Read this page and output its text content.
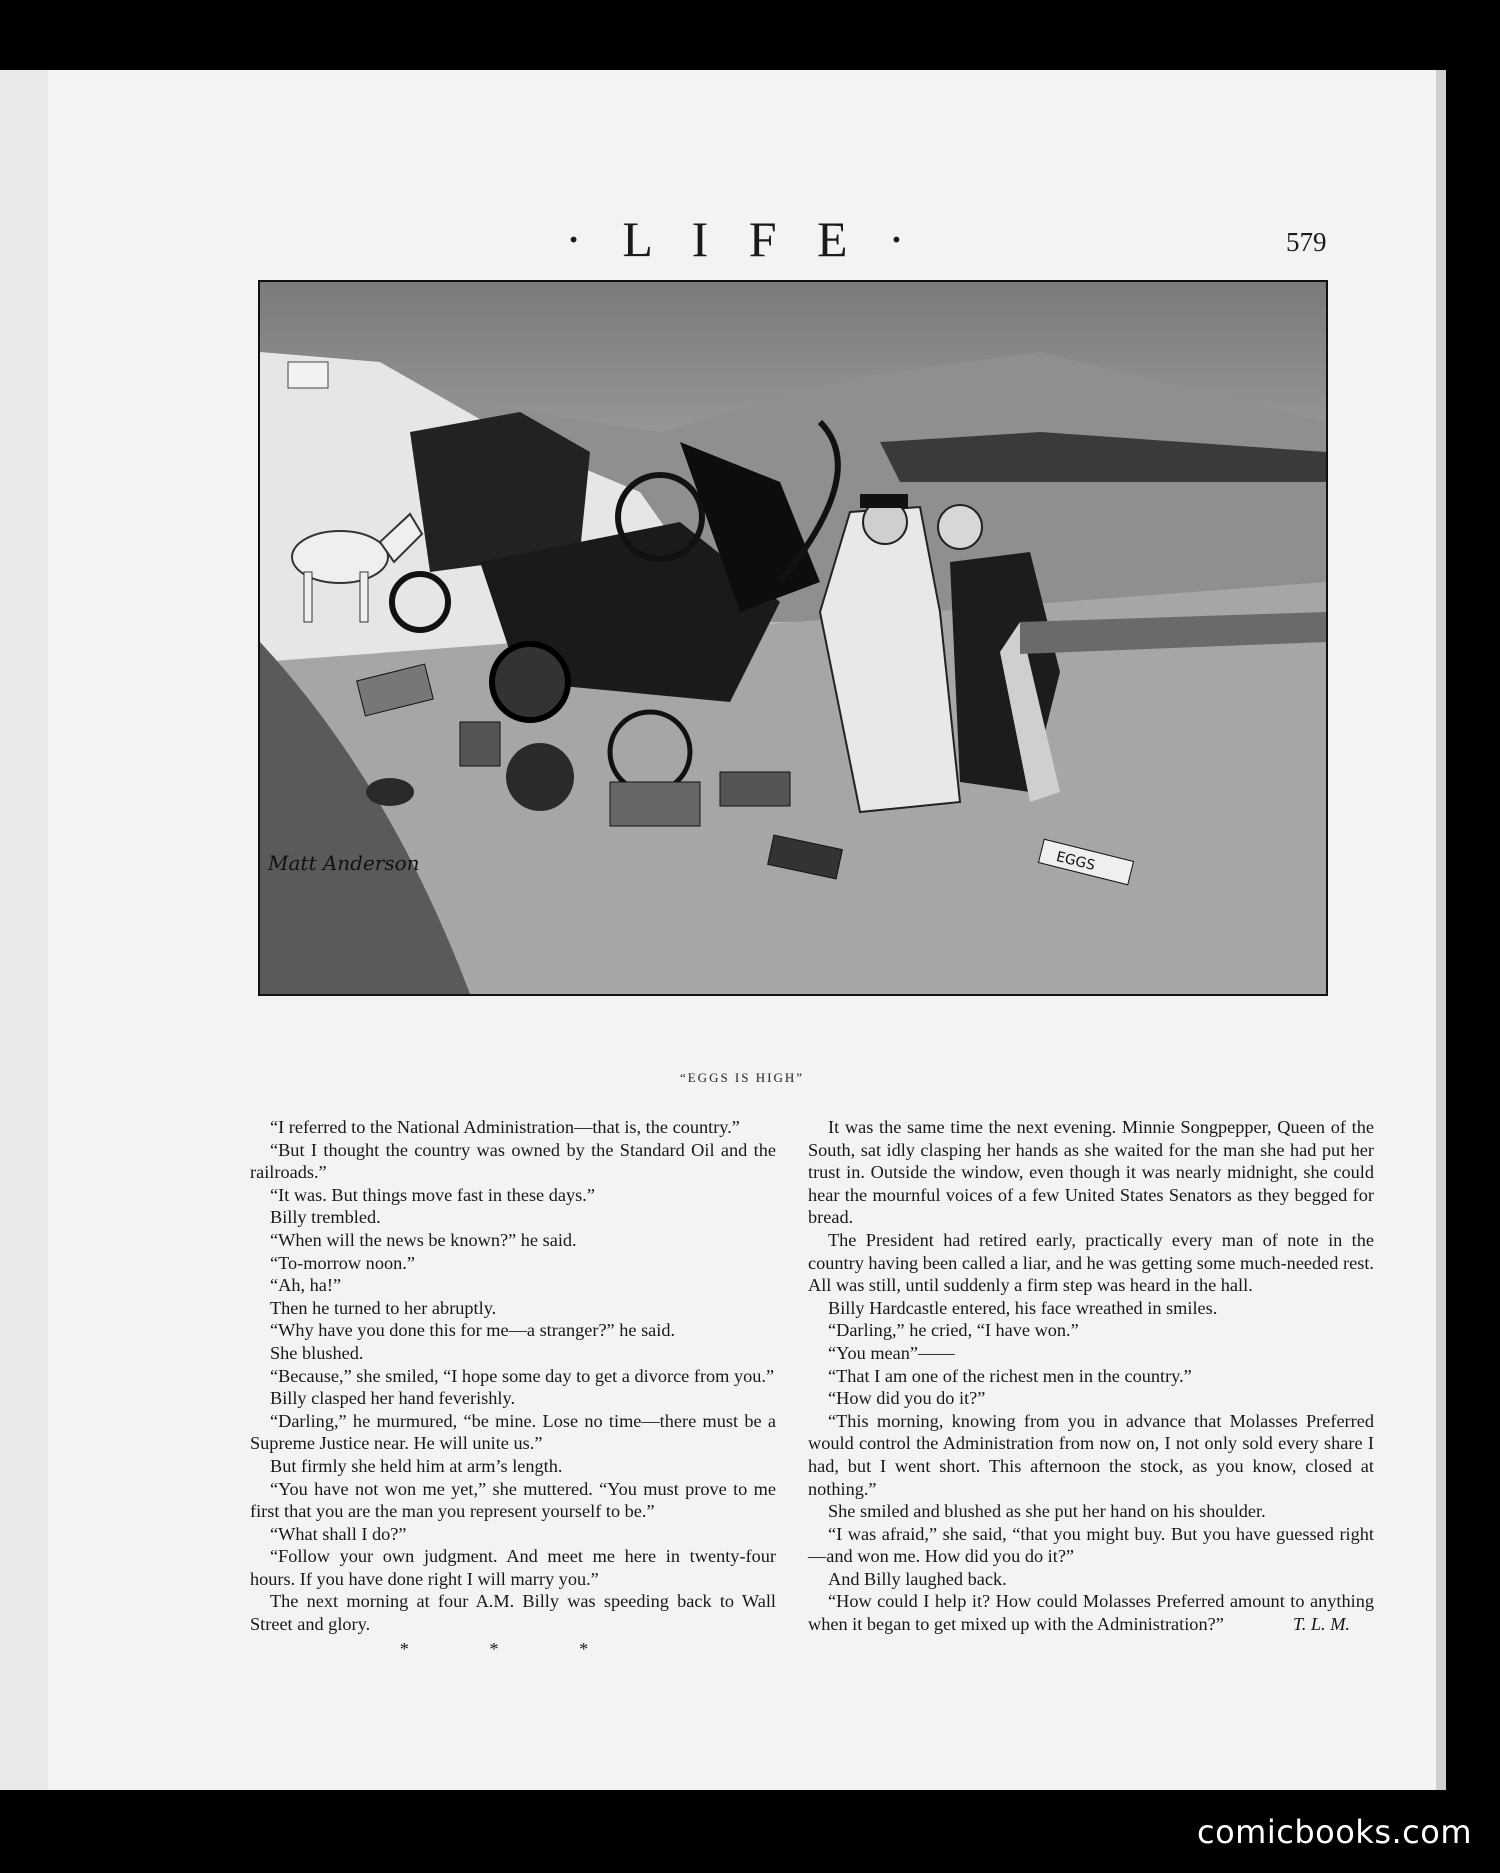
· L I F E ·	579
EGGS
Matt Anderson
“EGGS IS HIGH”

“I referred to the National Administration—that is, the country.”

“But I thought the country was owned by the Standard Oil and the railroads.”

“It was. But things move fast in these days.”

Billy trembled.

“When will the news be known?” he said.

“To-morrow noon.”

“Ah, ha!”

Then he turned to her abruptly.

“Why have you done this for me—a stranger?” he said.

She blushed.

“Because,” she smiled, “I hope some day to get a divorce from you.”

Billy clasped her hand feverishly.

“Darling,” he murmured, “be mine. Lose no time—there must be a Supreme Justice near. He will unite us.”

But firmly she held him at arm’s length.

“You have not won me yet,” she muttered. “You must prove to me first that you are the man you represent yourself to be.”

“What shall I do?”

“Follow your own judgment. And meet me here in twenty-four hours. If you have done right I will marry you.”

The next morning at four A.M. Billy was speeding back to Wall Street and glory.

* * *

It was the same time the next evening. Minnie Songpepper, Queen of the South, sat idly clasping her hands as she waited for the man she had put her trust in. Outside the window, even though it was nearly midnight, she could hear the mournful voices of a few United States Senators as they begged for bread.

The President had retired early, practically every man of note in the country having been called a liar, and he was getting some much-needed rest. All was still, until suddenly a firm step was heard in the hall.

Billy Hardcastle entered, his face wreathed in smiles.

“Darling,” he cried, “I have won.”

“You mean”——

“That I am one of the richest men in the country.”

“How did you do it?”

“This morning, knowing from you in advance that Molasses Preferred would control the Administration from now on, I not only sold every share I had, but I went short. This afternoon the stock, as you know, closed at nothing.”

She smiled and blushed as she put her hand on his shoulder.

“I was afraid,” she said, “that you might buy. But you have guessed right—and won me. How did you do it?”

And Billy laughed back.

“How could I help it? How could Molasses Preferred amount to anything when it began to get mixed up with the Administration?”	T. L. M.

comicbooks.com
